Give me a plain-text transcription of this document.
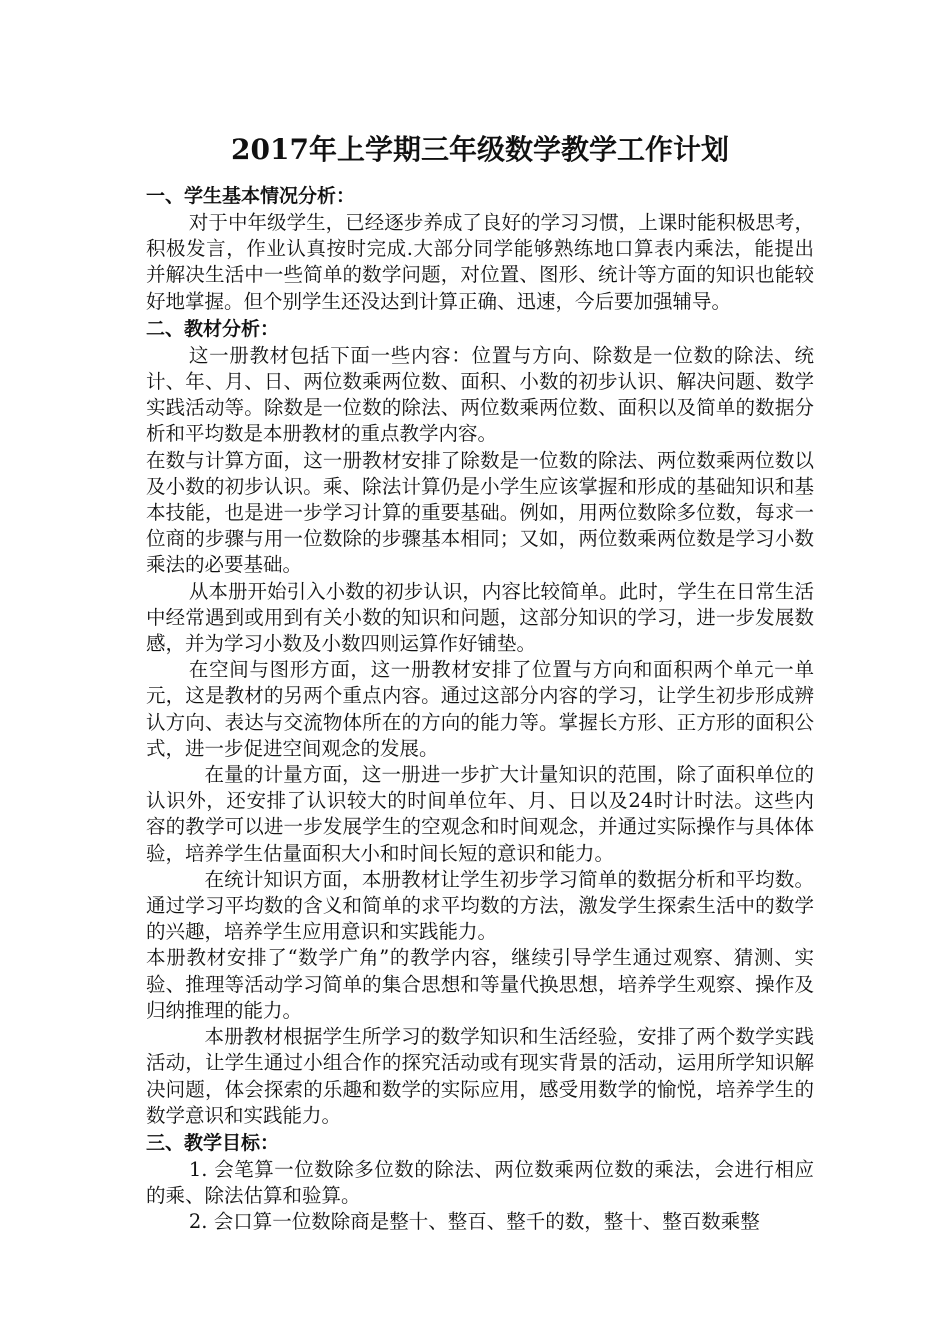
2017年上学期三年级数学教学工作计划
一、学生基本情况分析：

对于中年级学生，已经逐步养成了良好的学习习惯，上课时能积极思考，积极发言，作业认真按时完成.大部分同学能够熟练地口算表内乘法，能提出并解决生活中一些简单的数学问题，对位置、图形、统计等方面的知识也能较好地掌握。但个别学生还没达到计算正确、迅速，今后要加强辅导。

二、教材分析：

这一册教材包括下面一些内容：位置与方向、除数是一位数的除法、统计、年、月、日、两位数乘两位数、面积、小数的初步认识、解决问题、数学实践活动等。除数是一位数的除法、两位数乘两位数、面积以及简单的数据分析和平均数是本册教材的重点教学内容。

在数与计算方面，这一册教材安排了除数是一位数的除法、两位数乘两位数以及小数的初步认识。乘、除法计算仍是小学生应该掌握和形成的基础知识和基本技能，也是进一步学习计算的重要基础。例如，用两位数除多位数，每求一位商的步骤与用一位数除的步骤基本相同；又如，两位数乘两位数是学习小数乘法的必要基础。

从本册开始引入小数的初步认识，内容比较简单。此时，学生在日常生活中经常遇到或用到有关小数的知识和问题，这部分知识的学习，进一步发展数感，并为学习小数及小数四则运算作好铺垫。

在空间与图形方面，这一册教材安排了位置与方向和面积两个单元一单元，这是教材的另两个重点内容。通过这部分内容的学习，让学生初步形成辨认方向、表达与交流物体所在的方向的能力等。掌握长方形、正方形的面积公式，进一步促进空间观念的发展。

在量的计量方面，这一册进一步扩大计量知识的范围，除了面积单位的认识外，还安排了认识较大的时间单位年、月、日以及24时计时法。这些内容的教学可以进一步发展学生的空观念和时间观念，并通过实际操作与具体体验，培养学生估量面积大小和时间长短的意识和能力。

在统计知识方面，本册教材让学生初步学习简单的数据分析和平均数。通过学习平均数的含义和简单的求平均数的方法，激发学生探索生活中的数学的兴趣，培养学生应用意识和实践能力。

本册教材安排了“数学广角”的教学内容，继续引导学生通过观察、猜测、实验、推理等活动学习简单的集合思想和等量代换思想，培养学生观察、操作及归纳推理的能力。

本册教材根据学生所学习的数学知识和生活经验，安排了两个数学实践活动，让学生通过小组合作的探究活动或有现实背景的活动，运用所学知识解决问题，体会探索的乐趣和数学的实际应用，感受用数学的愉悦，培养学生的数学意识和实践能力。

三、教学目标：

1. 会笔算一位数除多位数的除法、两位数乘两位数的乘法，会进行相应的乘、除法估算和验算。

2. 会口算一位数除商是整十、整百、整千的数，整十、整百数乘整
